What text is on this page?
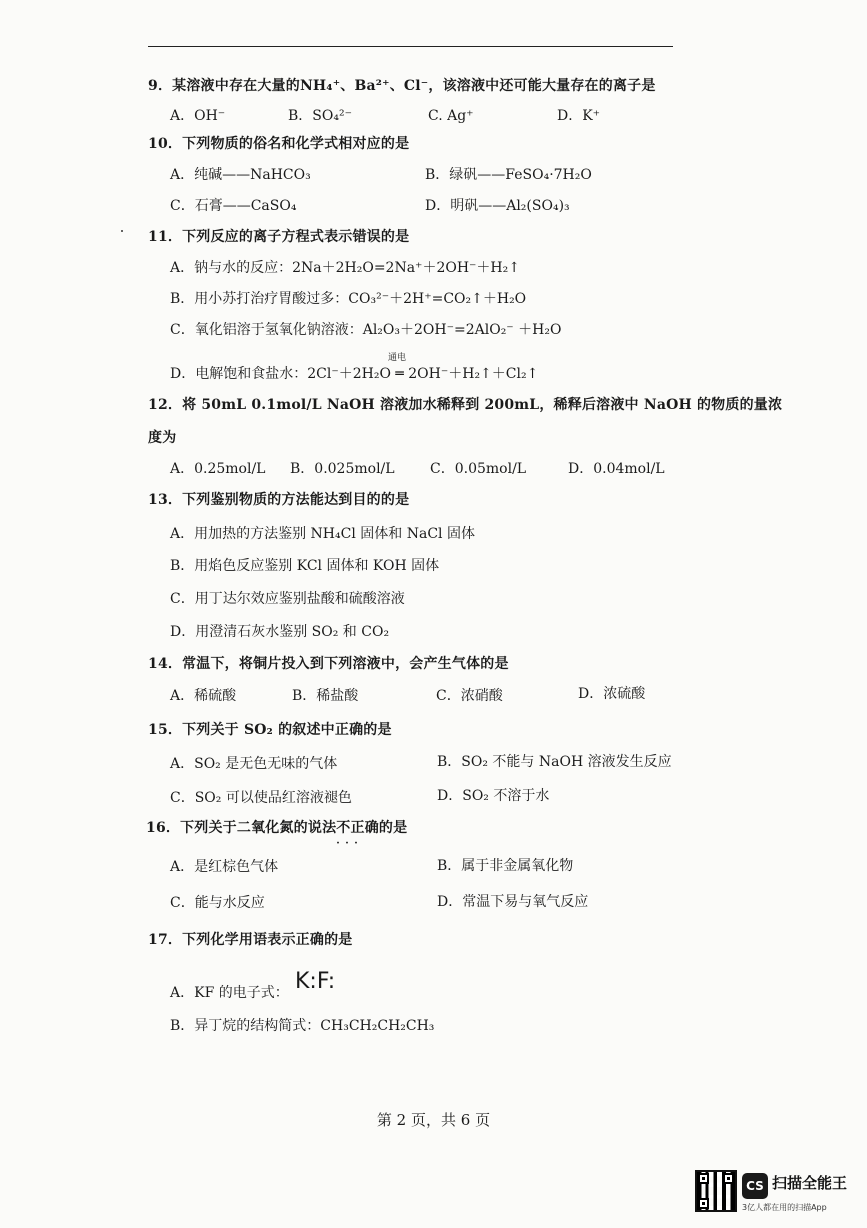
9．某溶液中存在大量的NH₄⁺、Ba²⁺、Cl⁻，该溶液中还可能大量存在的离子是
A．OH⁻	B．SO₄²⁻	C. Ag⁺	D．K⁺
10．下列物质的俗名和化学式相对应的是
A．纯碱——NaHCO₃	B．绿矾——FeSO₄·7H₂O
C．石膏——CaSO₄	D．明矾——Al₂(SO₄)₃
11．下列反应的离子方程式表示错误的是
A．钠与水的反应：2Na＋2H₂O=2Na⁺＋2OH⁻＋H₂↑
B．用小苏打治疗胃酸过多：CO₃²⁻＋2H⁺=CO₂↑＋H₂O
C．氧化铝溶于氢氧化钠溶液：Al₂O₃＋2OH⁻=2AlO₂⁻ ＋H₂O
通电
D．电解饱和食盐水：2Cl⁻＋2H₂O ═ 2OH⁻＋H₂↑＋Cl₂↑
12．将 50mL 0.1mol/L NaOH 溶液加水稀释到 200mL，稀释后溶液中 NaOH 的物质的量浓
度为
A．0.25mol/L B．0.025mol/L	C．0.05mol/L	D．0.04mol/L
13．下列鉴别物质的方法能达到目的的是
A．用加热的方法鉴别 NH₄Cl 固体和 NaCl 固体
B．用焰色反应鉴别 KCl 固体和 KOH 固体
C．用丁达尔效应鉴别盐酸和硫酸溶液
D．用澄清石灰水鉴别 SO₂ 和 CO₂
14．常温下，将铜片投入到下列溶液中，会产生气体的是
A．稀硫酸	B．稀盐酸	C．浓硝酸	D．浓硫酸
15．下列关于 SO₂ 的叙述中正确的是
A．SO₂ 是无色无味的气体	B．SO₂ 不能与 NaOH 溶液发生反应
C．SO₂ 可以使品红溶液褪色	D．SO₂ 不溶于水
16．下列关于二氧化氮的说法不正确 · · ·的是
A．是红棕色气体	B．属于非金属氧化物
C．能与水反应	D．常温下易与氧气反应
17．下列化学用语表示正确的是
A．KF 的电子式： K:F:
B．异丁烷的结构简式：CH₃CH₂CH₂CH₃
第 2 页，共 6 页
CS 扫描全能王
3亿人都在用的扫描App
